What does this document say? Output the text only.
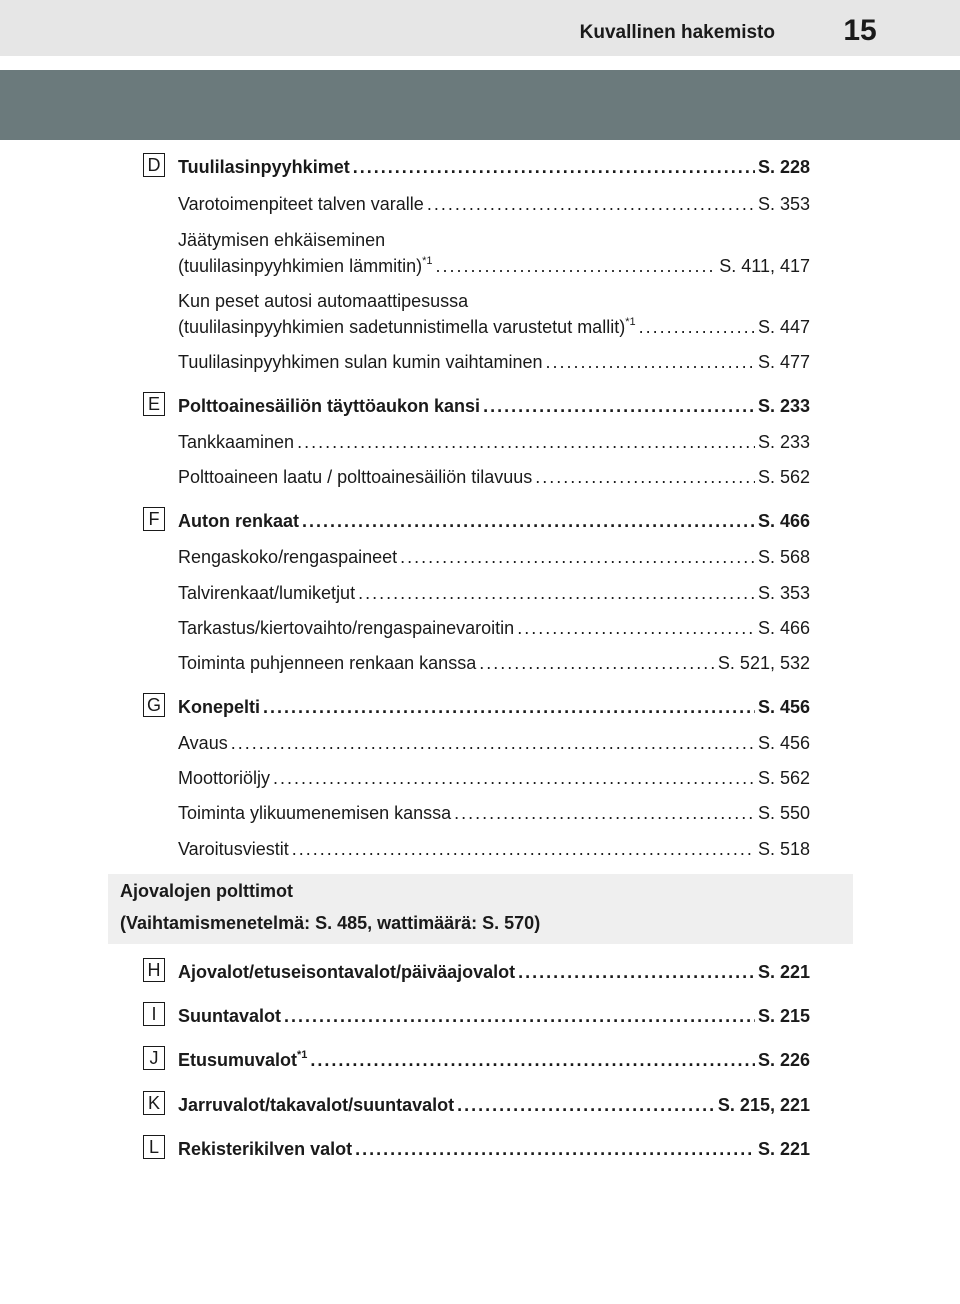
Kuvallinen hakemisto	15
D Tuulilasinpyyhkimet . . .	S. 228
Varotoimenpiteet talven varalle . . .	S. 353
Jäätymisen ehkäiseminen
(tuulilasinpyyhkimien lämmitin)$^{*1}$ . . .	S. 411, 417
Kun peset autosi automaattipesussa
(tuulilasinpyyhkimien sadetunnistimella varustetut mallit)$^{*1}$ . . .	S. 447
Tuulilasinpyyhkimen sulan kumin vaihtaminen . . .	S. 477
E Polttoainesäiliön täyttöaukon kansi . . .	S. 233
Tankkaaminen . . .	S. 233
Polttoaineen laatu / polttoainesäiliön tilavuus . . .	S. 562
F	Auton renkaat . . .	S. 466
Rengaskoko/rengaspaineet . . .	S. 568
Talvirenkaat/lumiketjut . . .	S. 353
Tarkastus/kiertovaihto/rengaspainevaroitin . . .	S. 466
Toiminta puhjenneen renkaan kanssa . . .	S. 521, 532
G Konepelti . . .	S. 456
Avaus . . .	S. 456
Moottoriöljy . . .	S. 562
Toiminta ylikuumenemisen kanssa . . .	S. 550
Varoitusviestit . . .	S. 518
Ajovalojen polttimot
(Vaihtamismenetelmä: S. 485, wattimäärä: S. 570)
H Ajovalot/etuseisontavalot/päiväajovalot . . .	S. 221
I	Suuntavalot . . .	S. 215
J	Etusumuvalot$^{*1}$ . . .	S. 226
K Jarruvalot/takavalot/suuntavalot . . .	S. 215, 221
L	Rekisterikilven valot . . .	S. 221
